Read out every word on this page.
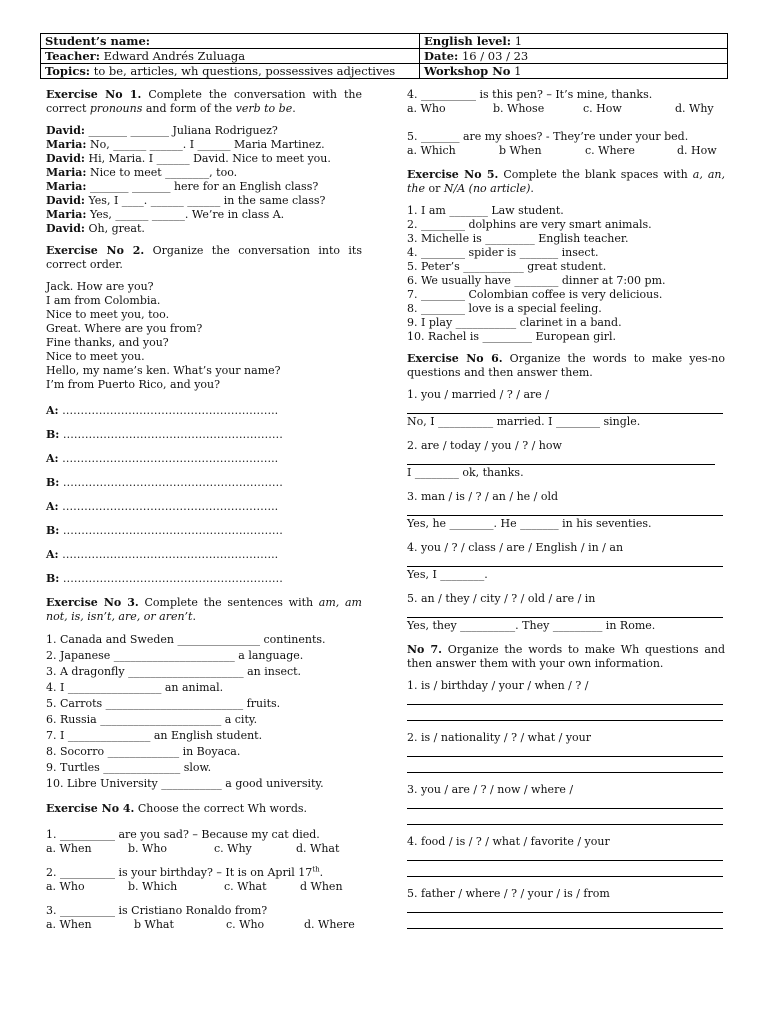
Student’s name:	English level: 1
Teacher: Edward Andrés Zuluaga	Date: 16 / 03 / 23
Topics: to be, articles, wh questions, possessives adjectives	Workshop No 1

Exercise No 1. Complete the conversation with the correct pronouns and form of the verb to be.

David: _______ _______ Juliana Rodriguez?

Maria: No, ______ ______. I ______ Maria Martinez.

David: Hi, Maria. I ______ David. Nice to meet you.

Maria: Nice to meet ________, too.

Maria: _______ _______ here for an English class?

David: Yes, I ____. ______ ______ in the same class?

Maria: Yes, ______ ______. We’re in class A.

David: Oh, great.

Exercise No 2. Organize the conversation into its correct order.

Jack. How are you?

I am from Colombia.

Nice to meet you, too.

Great. Where are you from?

Fine thanks, and you?

Nice to meet you.

Hello, my name’s ken. What’s your name?

I’m from Puerto Rico, and you?

A: …………………………………………………..

B: ……………………………………………………

A: …………………………………………………..

B: ……………………………………………………

A: …………………………………………………..

B: ……………………………………………………

A: …………………………………………………..

B: ……………………………………………………

Exercise No 3. Complete the sentences with am, am not, is, isn’t, are, or aren’t.

1. Canada and Sweden _______________ continents.

2. Japanese ______________________ a language.

3. A dragonfly _____________________ an insect.

4. I _________________ an animal.

5. Carrots _________________________ fruits.

6. Russia ______________________ a city.

7. I _______________ an English student.

8. Socorro _____________ in Boyaca.

9. Turtles ______________ slow.

10. Libre University ___________ a good university.

Exercise No 4. Choose the correct Wh words.

1. __________ are you sad? – Because my cat died.

a. When	b. Who	c. Why	d. What

2. __________ is your birthday? – It is on April 17th.

a. Who	b. Which	c. What	d When

3. __________ is Cristiano Ronaldo from?

a. When	b What	c. Who	d. Where

4. __________ is this pen? – It’s mine, thanks.

a. Who	b. Whose	c. How	d. Why

5. _______ are my shoes? - They’re under your bed.

a. Which	b When	c. Where	d. How

Exercise No 5. Complete the blank spaces with a, an, the or N/A (no article).

1. I am _______ Law student.

2. ________ dolphins are very smart animals.

3. Michelle is _________ English teacher.

4. ________ spider is _______ insect.

5. Peter’s ___________ great student.

6. We usually have ________ dinner at 7:00 pm.

7. ________ Colombian coffee is very delicious.

8. ________ love is a special feeling.

9. I play ___________ clarinet in a band.

10. Rachel is _________ European girl.

Exercise No 6. Organize the words to make yes-no questions and then answer them.

1. you / married / ? / are /

No, I __________ married. I ________ single.

2. are / today / you / ? / how

I ________ ok, thanks.

3. man / is / ? / an / he / old

Yes, he ________. He _______ in his seventies.

4. you / ? / class / are / English / in / an

Yes, I ________.

5. an / they / city / ? / old / are / in

Yes, they __________. They _________ in Rome.

No 7. Organize the words to make Wh questions and then answer them with your own information.

1. is / birthday / your / when / ? /

2. is / nationality / ? / what / your

3. you / are / ? / now / where /

4. food / is / ? / what / favorite / your

5. father / where / ? / your / is / from
